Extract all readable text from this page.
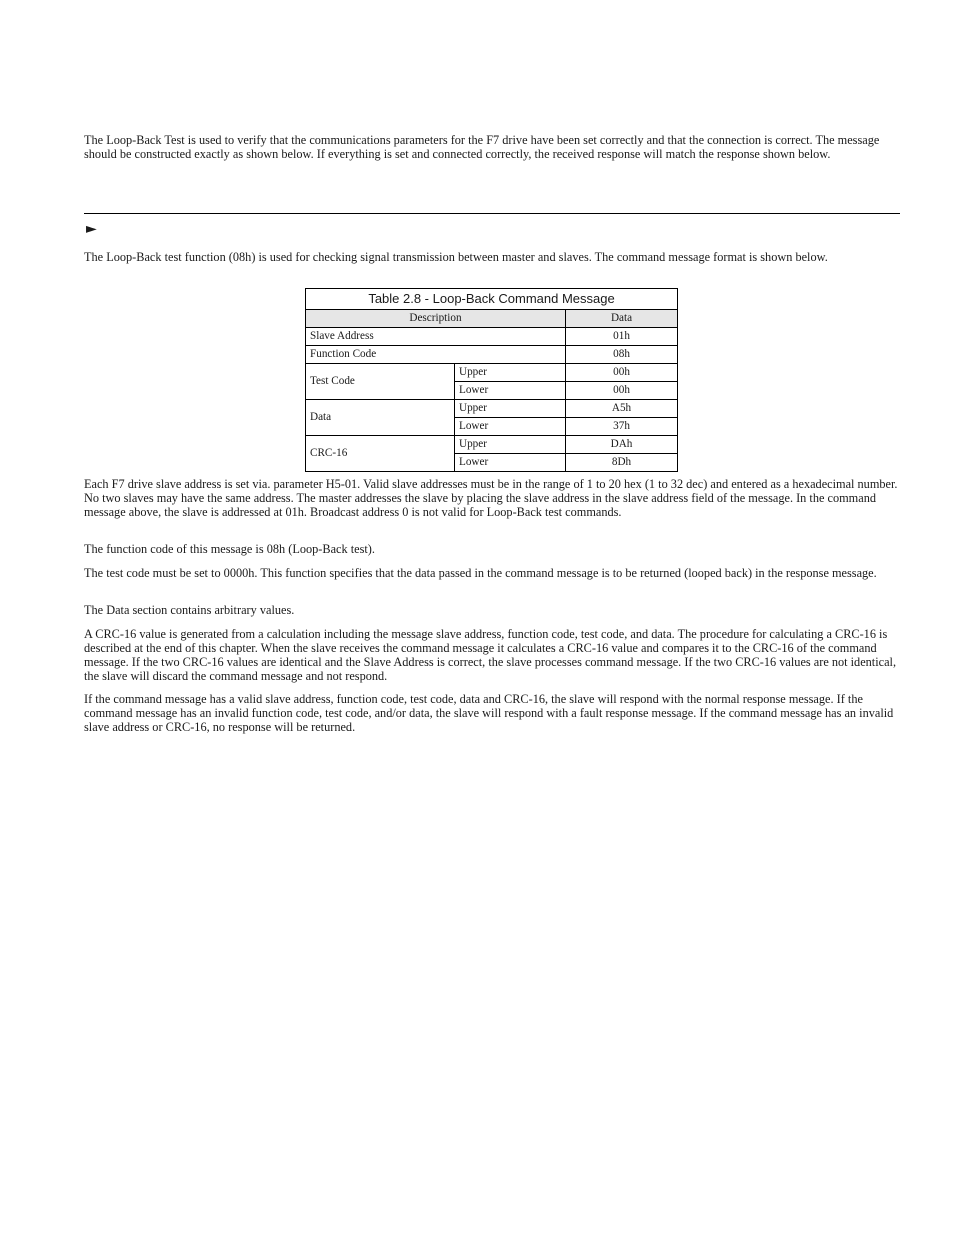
The Loop-Back Test is used to verify that the communications parameters for the F7 drive have been set correctly and that the connection is correct. The message should be constructed exactly as shown below. If everything is set and connected correctly, the received response will match the response shown below.

►

The Loop-Back test function (08h) is used for checking signal transmission between master and slaves. The command message format is shown below.

Table 2.8 - Loop-Back Command Message		
Description		Data
Slave Address		01h
Function Code		08h
Test Code	Upper	00h
	Lower	00h
Data	Upper	A5h
	Lower	37h
CRC-16	Upper	DAh
	Lower	8Dh

Each F7 drive slave address is set via. parameter H5-01. Valid slave addresses must be in the range of 1 to 20 hex (1 to 32 dec) and entered as a hexadecimal number. No two slaves may have the same address. The master addresses the slave by placing the slave address in the slave address field of the message. In the command message above, the slave is addressed at 01h. Broadcast address 0 is not valid for Loop-Back test commands.

The function code of this message is 08h (Loop-Back test).

The test code must be set to 0000h. This function specifies that the data passed in the command message is to be returned (looped back) in the response message.

The Data section contains arbitrary values.

A CRC-16 value is generated from a calculation including the message slave address, function code, test code, and data. The procedure for calculating a CRC-16 is described at the end of this chapter. When the slave receives the command message it calculates a CRC-16 value and compares it to the CRC-16 of the command message. If the two CRC-16 values are identical and the Slave Address is correct, the slave processes command message. If the two CRC-16 values are not identical, the slave will discard the command message and not respond.

If the command message has a valid slave address, function code, test code, data and CRC-16, the slave will respond with the normal response message. If the command message has an invalid function code, test code, and/or data, the slave will respond with a fault response message. If the command message has an invalid slave address or CRC-16, no response will be returned.
